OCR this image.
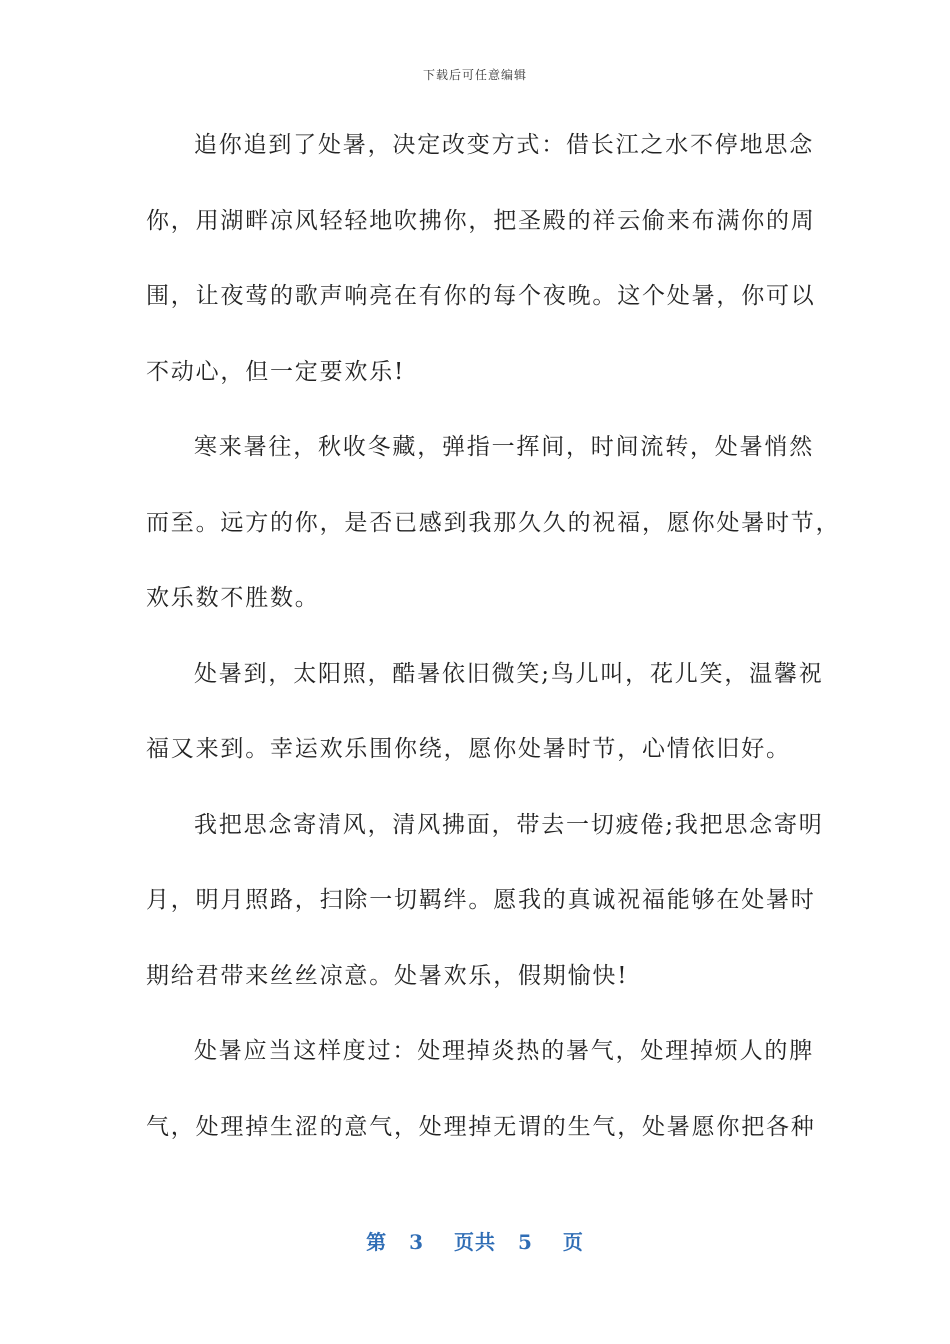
下载后可任意编辑
追你追到了处暑，决定改变方式：借长江之水不停地思念
你，用湖畔凉风轻轻地吹拂你，把圣殿的祥云偷来布满你的周
围，让夜莺的歌声响亮在有你的每个夜晚。这个处暑，你可以
不动心，但一定要欢乐!
寒来暑往，秋收冬藏，弹指一挥间，时间流转，处暑悄然
而至。远方的你，是否已感到我那久久的祝福，愿你处暑时节，
欢乐数不胜数。
处暑到，太阳照，酷暑依旧微笑;鸟儿叫，花儿笑，温馨祝
福又来到。幸运欢乐围你绕，愿你处暑时节，心情依旧好。
我把思念寄清风，清风拂面，带去一切疲倦;我把思念寄明
月，明月照路，扫除一切羁绊。愿我的真诚祝福能够在处暑时
期给君带来丝丝凉意。处暑欢乐，假期愉快!
处暑应当这样度过：处理掉炎热的暑气，处理掉烦人的脾
气，处理掉生涩的意气，处理掉无谓的生气，处暑愿你把各种
第 3 页共 5 页
